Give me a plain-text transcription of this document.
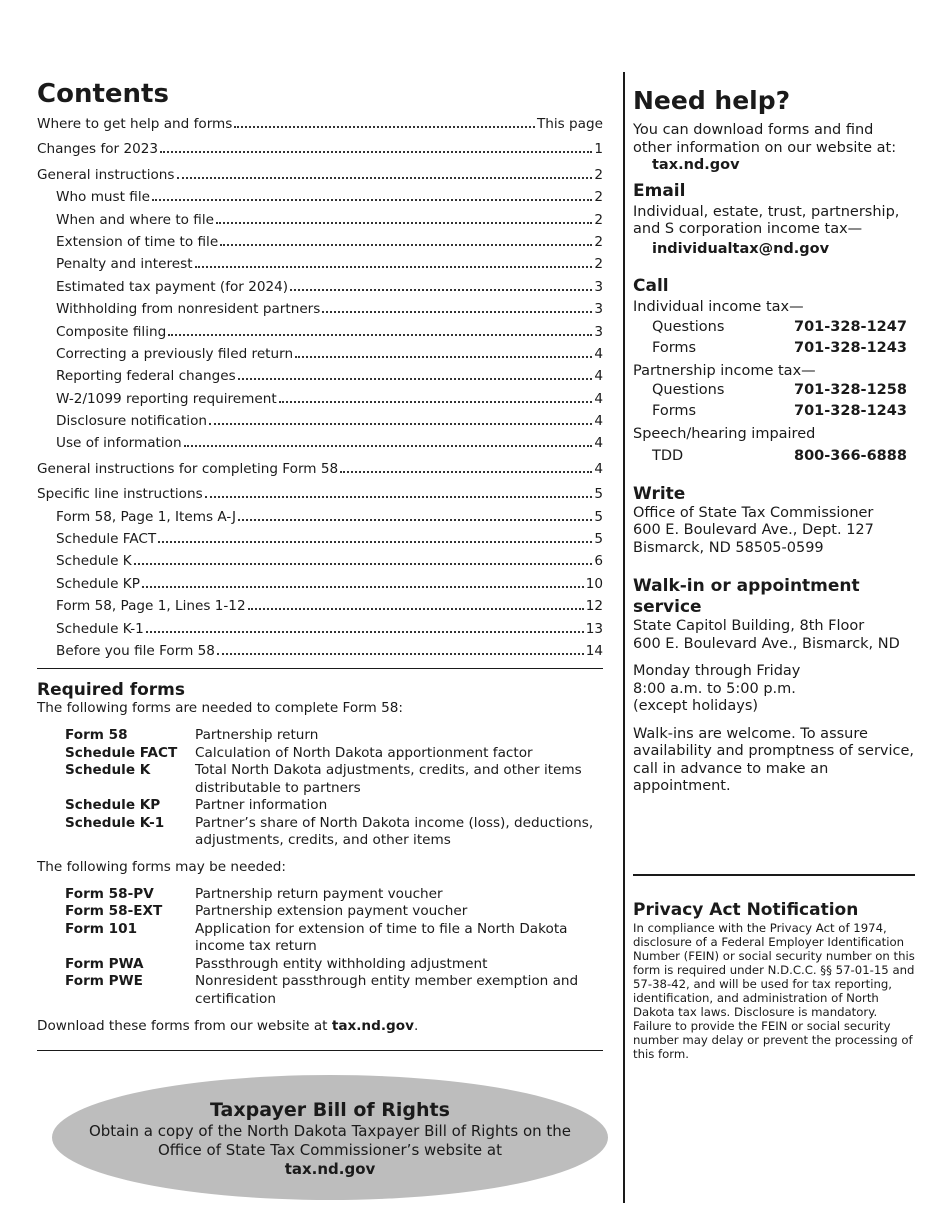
Contents
Where to get help and forms	This page
Changes for 2023	1
General instructions	2
Who must file	2
When and where to file	2
Extension of time to file	2
Penalty and interest	2
Estimated tax payment (for 2024)	3
Withholding from nonresident partners	3
Composite filing	3
Correcting a previously filed return	4
Reporting federal changes	4
W-2/1099 reporting requirement	4
Disclosure notification	4
Use of information	4
General instructions for completing Form 58	4
Specific line instructions	5
Form 58, Page 1, Items A-J	5
Schedule FACT	5
Schedule K	6
Schedule KP	10
Form 58, Page 1, Lines 1-12	12
Schedule K-1	13
Before you file Form 58	14
Required forms
The following forms are needed to complete Form 58:
Form 58	Partnership return
Schedule FACT	Calculation of North Dakota apportionment factor
Schedule K	Total North Dakota adjustments, credits, and other items distributable to partners
Schedule KP	Partner information
Schedule K-1	Partner’s share of North Dakota income (loss), deductions, adjustments, credits, and other items
The following forms may be needed:
Form 58-PV	Partnership return payment voucher
Form 58-EXT	Partnership extension payment voucher
Form 101	Application for extension of time to file a North Dakota income tax return
Form PWA	Passthrough entity withholding adjustment
Form PWE	Nonresident passthrough entity member exemption and certification
Download these forms from our website at tax.nd.gov.
Taxpayer Bill of Rights
Obtain a copy of the North Dakota Taxpayer Bill of Rights on the Office of State Tax Commissioner’s website at
tax.nd.gov
Need help?
You can download forms and find other information on our website at:
tax.nd.gov
Email
Individual, estate, trust, partnership, and S corporation income tax—
individualtax@nd.gov
Call
Individual income tax—
Questions	701-328-1247
Forms	701-328-1243
Partnership income tax—
Questions	701-328-1258
Forms	701-328-1243
Speech/hearing impaired
TDD	800-366-6888
Write
Office of State Tax Commissioner
600 E. Boulevard Ave., Dept. 127
Bismarck, ND 58505-0599
Walk-in or appointment service
State Capitol Building, 8th Floor
600 E. Boulevard Ave., Bismarck, ND
Monday through Friday
8:00 a.m. to 5:00 p.m.
(except holidays)
Walk-ins are welcome. To assure availability and promptness of service, call in advance to make an appointment.
Privacy Act Notification
In compliance with the Privacy Act of 1974, disclosure of a Federal Employer Identification Number (FEIN) or social security number on this form is required under N.D.C.C. §§ 57-01-15 and 57-38-42, and will be used for tax reporting, identification, and administration of North Dakota tax laws. Disclosure is mandatory. Failure to provide the FEIN or social security number may delay or prevent the processing of this form.
